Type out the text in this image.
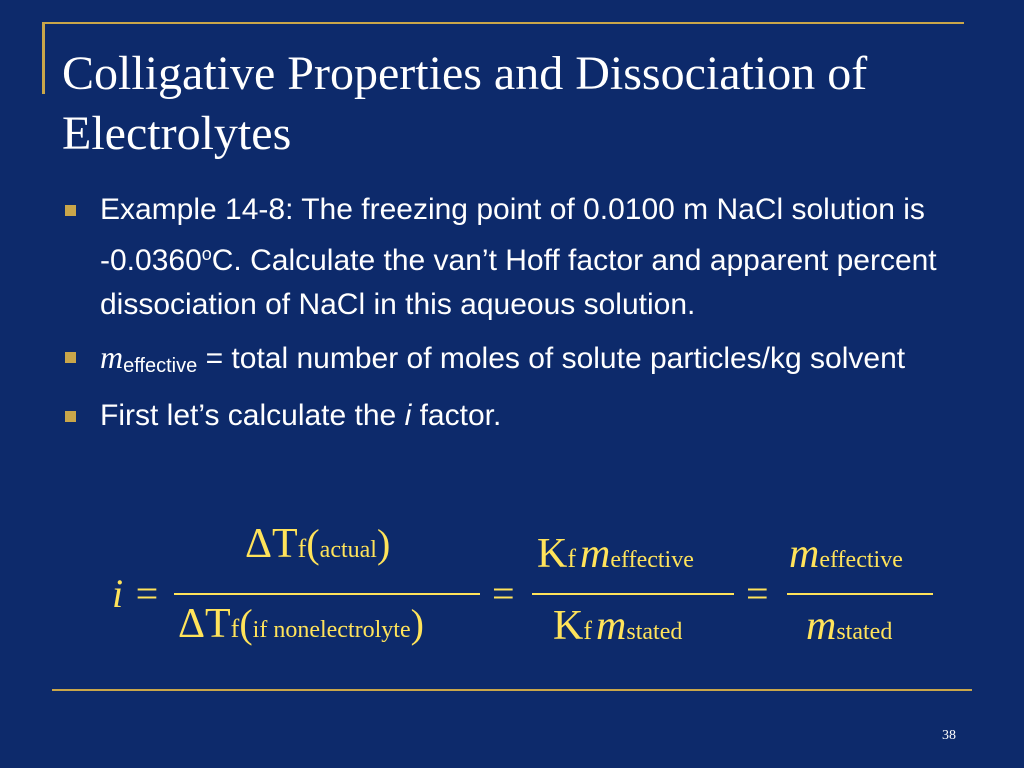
Colligative Properties and Dissociation of Electrolytes
Example 14-8: The freezing point of 0.0100 m NaCl solution is -0.0360$^o$C. Calculate the van’t Hoff factor and apparent percent dissociation of NaCl in this aqueous solution.
$m_{effective}$ = total number of moles of solute particles/kg solvent
First let’s calculate the i factor.
i =
ΔTf(actual)
ΔTf(if nonelectrolyte)
=
Kf meffective
Kf mstated
=
meffective
mstated
38
